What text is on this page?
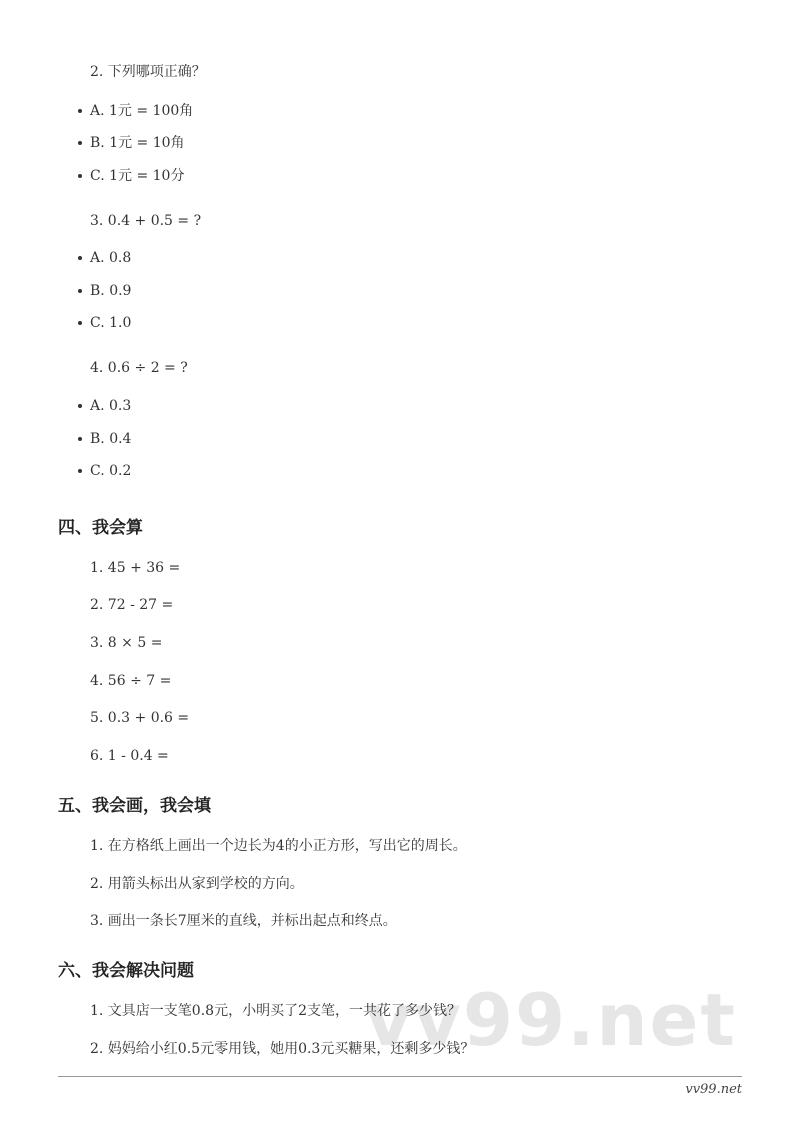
vv99.net
2. 下列哪项正确？
A. 1元 = 100角
B. 1元 = 10角
C. 1元 = 10分
3. 0.4 + 0.5 = ?
A. 0.8
B. 0.9
C. 1.0
4. 0.6 ÷ 2 = ?
A. 0.3
B. 0.4
C. 0.2
四、我会算
1. 45 + 36 =
2. 72 - 27 =
3. 8 × 5 =
4. 56 ÷ 7 =
5. 0.3 + 0.6 =
6. 1 - 0.4 =
五、我会画，我会填
1. 在方格纸上画出一个边长为4的小正方形，写出它的周长。
2. 用箭头标出从家到学校的方向。
3. 画出一条长7厘米的直线，并标出起点和终点。
六、我会解决问题
1. 文具店一支笔0.8元，小明买了2支笔，一共花了多少钱？
2. 妈妈给小红0.5元零用钱，她用0.3元买糖果，还剩多少钱？
vv99.net
